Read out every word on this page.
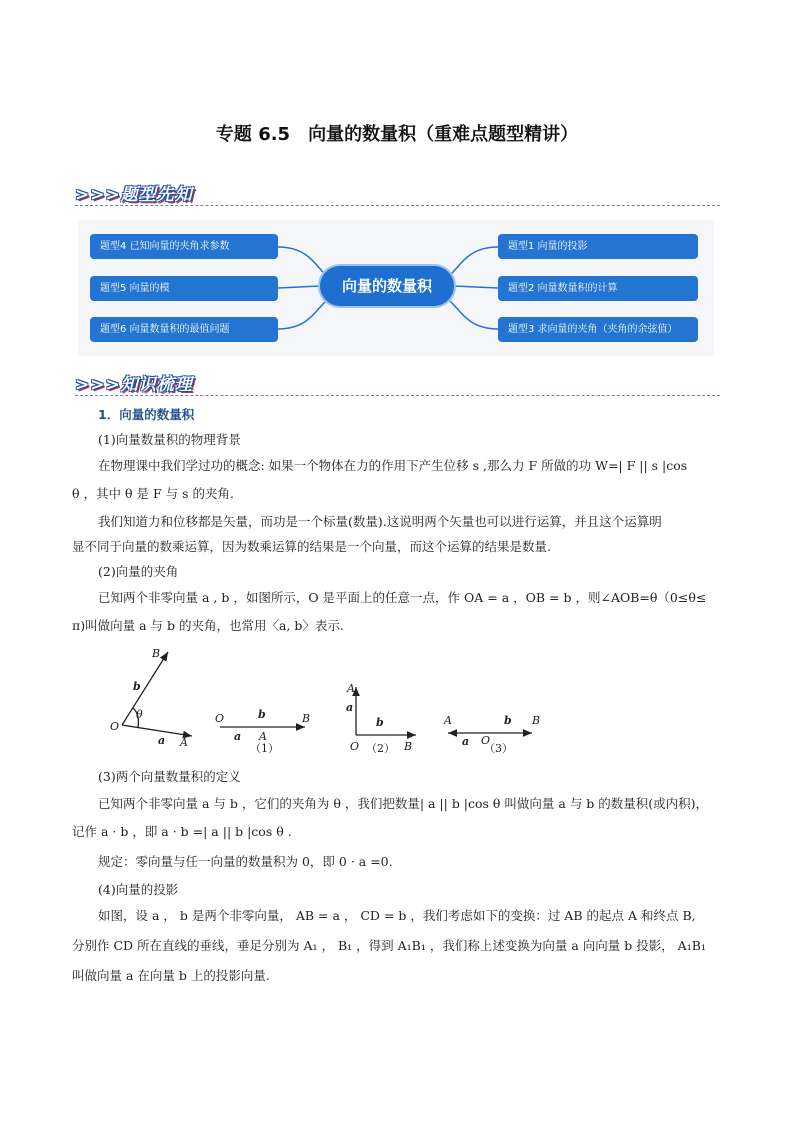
专题 6.5　向量的数量积（重难点题型精讲）
>>>题型先知
题型4 已知向量的夹角求参数
题型5 向量的模
题型6 向量数量积的最值问题
向量的数量积
题型1 向量的投影
题型2 向量数量积的计算
题型3 求向量的夹角（夹角的余弦值）
>>>知识梳理
1．向量的数量积
(1)向量数量积的物理背景
在物理课中我们学过功的概念: 如果一个物体在力的作用下产生位移 s ,那么力 F 所做的功 W=| F || s |cos
θ ，其中 θ 是 F 与 s 的夹角.
我们知道力和位移都是矢量，而功是一个标量(数量).这说明两个矢量也可以进行运算，并且这个运算明
显不同于向量的数乘运算，因为数乘运算的结果是一个向量，而这个运算的结果是数量.
(2)向量的夹角
已知两个非零向量 a , b ，如图所示，O 是平面上的任意一点，作 OA = a ，OB = b ，则∠AOB=θ（0≤θ≤
π)叫做向量 a 与 b 的夹角，也常用〈a, b〉表示.
B
b
θ
O
a A
O	b	B
a A
（1）
A
a
O
b
B
（2）
A
a O
b B
（3）
(3)两个向量数量积的定义
已知两个非零向量 a 与 b ，它们的夹角为 θ ，我们把数量| a || b |cos θ 叫做向量 a 与 b 的数量积(或内积)，
记作 a · b ，即 a · b =| a || b |cos θ .
规定：零向量与任一向量的数量积为 0，即 0 · a =0.
(4)向量的投影
如图，设 a ， b 是两个非零向量， AB = a ， CD = b ，我们考虑如下的变换：过 AB 的起点 A 和终点 B,
分别作 CD 所在直线的垂线，垂足分别为 A₁ ， B₁ ，得到 A₁B₁ ，我们称上述变换为向量 a 向向量 b 投影， A₁B₁
叫做向量 a 在向量 b 上的投影向量.
